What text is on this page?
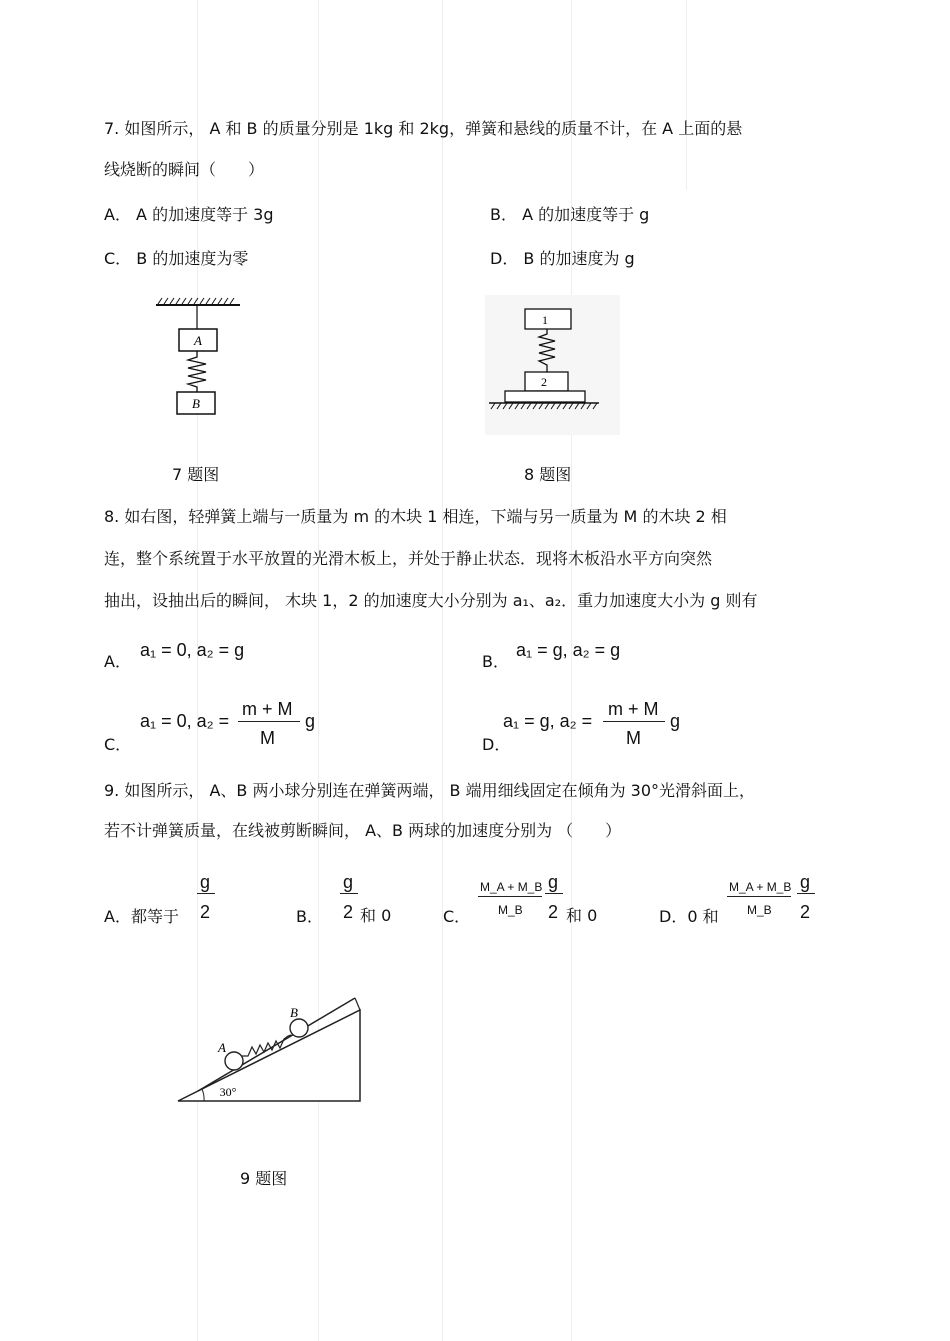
7. 如图所示， A 和 B 的质量分别是 1kg 和 2kg，弹簧和悬线的质量不计，在 A 上面的悬
线烧断的瞬间（　　）
A． A 的加速度等于 3g	B． A 的加速度等于 g
C． B 的加速度为零	D． B 的加速度为 g
A
B
7 题图
1
2
8 题图
8. 如右图，轻弹簧上端与一质量为 m 的木块 1 相连，下端与另一质量为 M 的木块 2 相
连，整个系统置于水平放置的光滑木板上，并处于静止状态．现将木板沿水平方向突然
抽出，设抽出后的瞬间， 木块 1，2 的加速度大小分别为 a₁、a₂．重力加速度大小为 g 则有
A．
a₁ = 0, a₂ = g
B．
a₁ = g, a₂ = g
C．
a₁ = 0, a₂ =
m + M
M
g
D．
a₁ = g, a₂ =
m + M
M
g
9. 如图所示， A、B 两小球分别连在弹簧两端， B 端用细线固定在倾角为 30°光滑斜面上，
若不计弹簧质量，在线被剪断瞬间， A、B 两球的加速度分别为 （　　）
A．都等于
g
2	B．
g
2 和 0	C．
M_A + M_B
M_B
g
2 和 0	D．0 和
M_A + M_B
M_B
g
2
A
B
30°
9 题图
